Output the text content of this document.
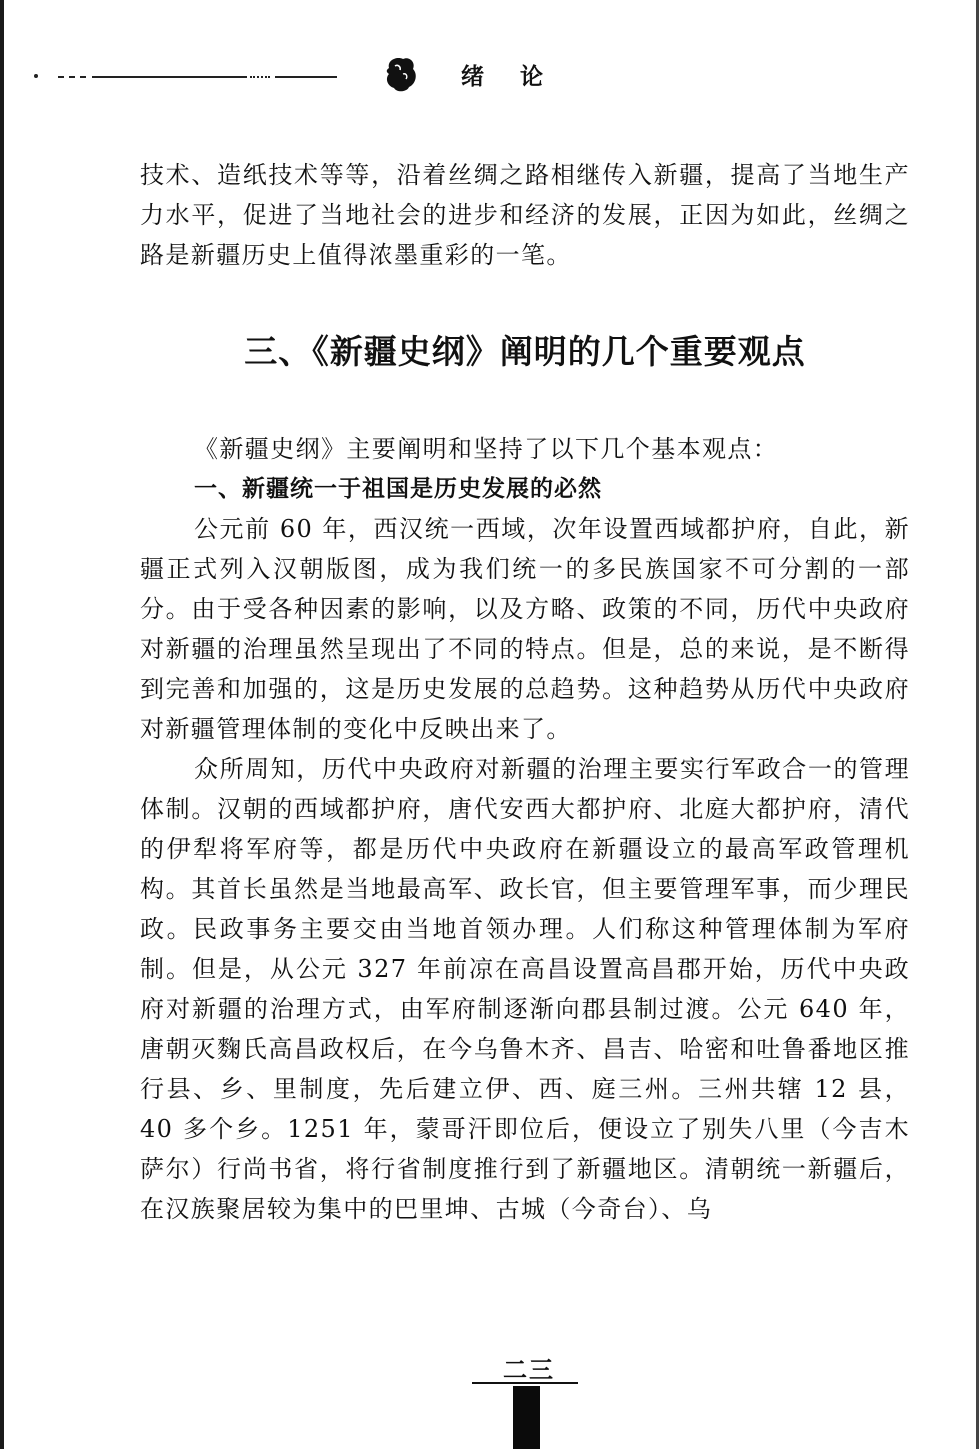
绪 论

技术、造纸技术等等，沿着丝绸之路相继传入新疆，提高了当地生产力水平，促进了当地社会的进步和经济的发展，正因为如此，丝绸之路是新疆历史上值得浓墨重彩的一笔。

三、《新疆史纲》阐明的几个重要观点

《新疆史纲》主要阐明和坚持了以下几个基本观点：

一、新疆统一于祖国是历史发展的必然

公元前 60 年，西汉统一西域，次年设置西域都护府，自此，新疆正式列入汉朝版图，成为我们统一的多民族国家不可分割的一部分。由于受各种因素的影响，以及方略、政策的不同，历代中央政府对新疆的治理虽然呈现出了不同的特点。但是，总的来说，是不断得到完善和加强的，这是历史发展的总趋势。这种趋势从历代中央政府对新疆管理体制的变化中反映出来了。

众所周知，历代中央政府对新疆的治理主要实行军政合一的管理体制。汉朝的西域都护府，唐代安西大都护府、北庭大都护府，清代的伊犁将军府等，都是历代中央政府在新疆设立的最高军政管理机构。其首长虽然是当地最高军、政长官，但主要管理军事，而少理民政。民政事务主要交由当地首领办理。人们称这种管理体制为军府制。但是，从公元 327 年前凉在高昌设置高昌郡开始，历代中央政府对新疆的治理方式，由军府制逐渐向郡县制过渡。公元 640 年，唐朝灭麴氏高昌政权后，在今乌鲁木齐、昌吉、哈密和吐鲁番地区推行县、乡、里制度，先后建立伊、西、庭三州。三州共辖 12 县，40 多个乡。1251 年，蒙哥汗即位后，便设立了别失八里（今吉木萨尔）行尚书省，将行省制度推行到了新疆地区。清朝统一新疆后，在汉族聚居较为集中的巴里坤、古城（今奇台）、乌

二三
